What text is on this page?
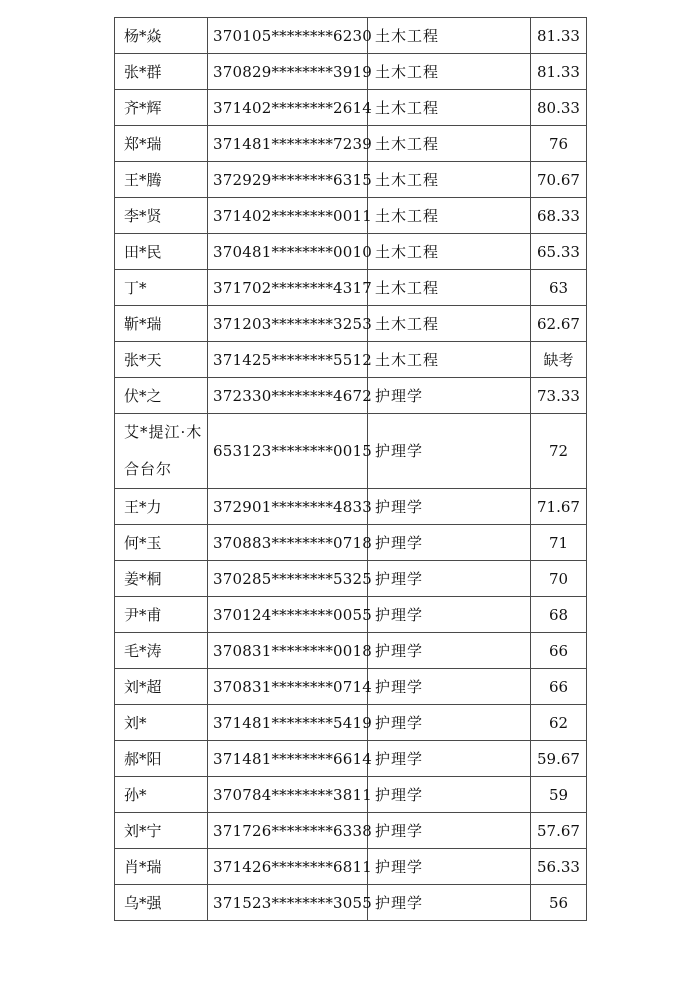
杨*焱	370105********6230	土木工程	81.33
张*群	370829********3919	土木工程	81.33
齐*辉	371402********2614	土木工程	80.33
郑*瑞	371481********7239	土木工程	76
王*腾	372929********6315	土木工程	70.67
李*贤	371402********0011	土木工程	68.33
田*民	370481********0010	土木工程	65.33
丁*	371702********4317	土木工程	63
靳*瑞	371203********3253	土木工程	62.67
张*天	371425********5512	土木工程	缺考
伏*之	372330********4672	护理学	73.33
艾*提江·木合台尔	653123********0015	护理学	72
王*力	372901********4833	护理学	71.67
何*玉	370883********0718	护理学	71
姜*桐	370285********5325	护理学	70
尹*甫	370124********0055	护理学	68
毛*涛	370831********0018	护理学	66
刘*超	370831********0714	护理学	66
刘*	371481********5419	护理学	62
郝*阳	371481********6614	护理学	59.67
孙*	370784********3811	护理学	59
刘*宁	371726********6338	护理学	57.67
肖*瑞	371426********6811	护理学	56.33
乌*强	371523********3055	护理学	56
